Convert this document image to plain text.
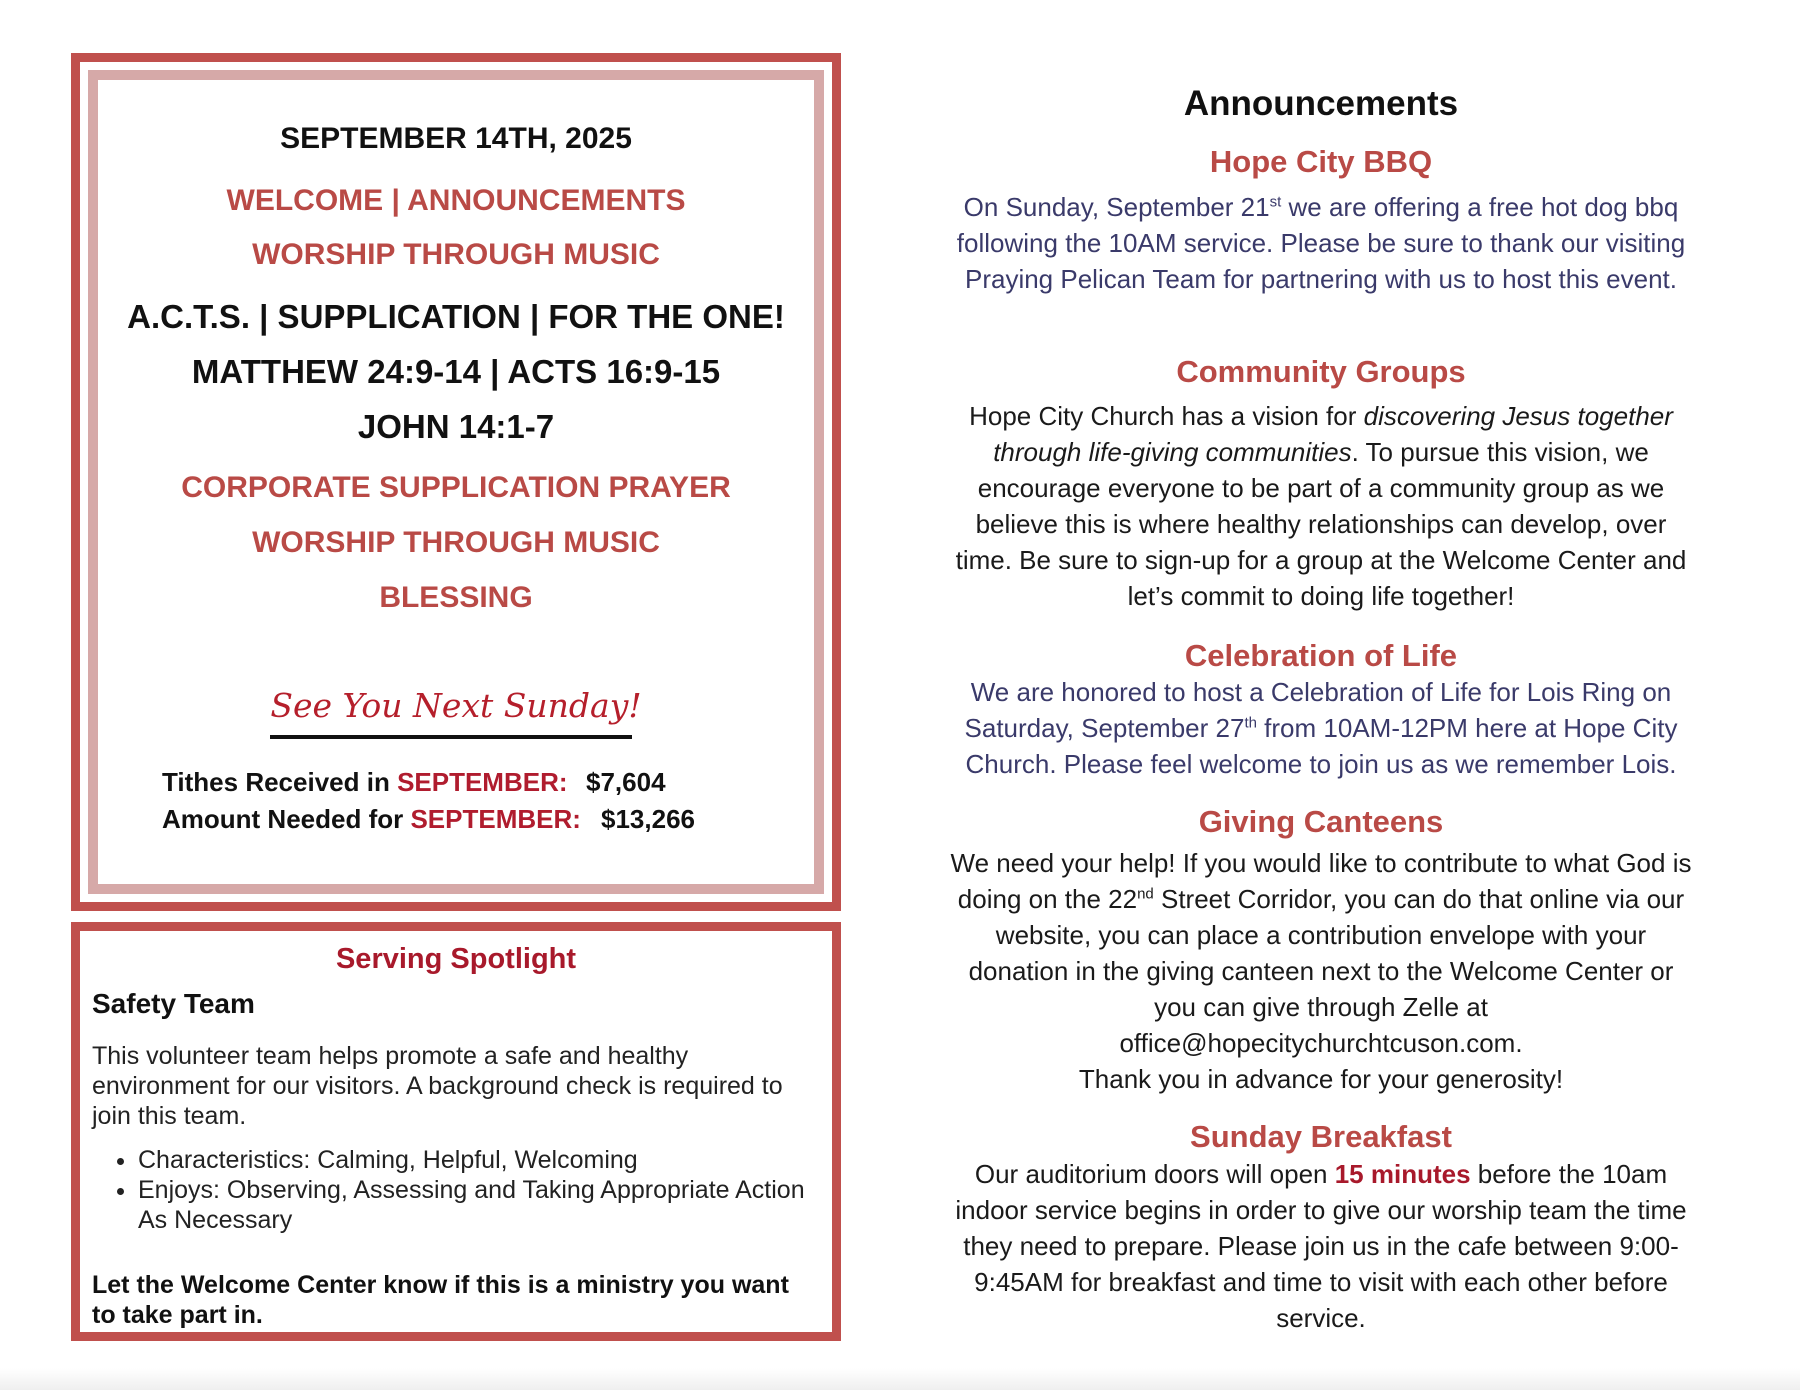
SEPTEMBER 14TH, 2025
WELCOME | ANNOUNCEMENTS
WORSHIP THROUGH MUSIC
A.C.T.S. | SUPPLICATION | FOR THE ONE!
MATTHEW 24:9-14 | ACTS 16:9-15
JOHN 14:1-7
CORPORATE SUPPLICATION PRAYER
WORSHIP THROUGH MUSIC
BLESSING
See You Next Sunday!
Tithes Received in SEPTEMBER: $7,604
Amount Needed for SEPTEMBER: $13,266
Serving Spotlight
Safety Team
This volunteer team helps promote a safe and healthy environment for our visitors. A background check is required to join this team.
• Characteristics: Calming, Helpful, Welcoming
• Enjoys: Observing, Assessing and Taking Appropriate Action As Necessary
Let the Welcome Center know if this is a ministry you want to take part in.
Announcements
Hope City BBQ
On Sunday, September 21st we are offering a free hot dog bbq following the 10AM service. Please be sure to thank our visiting Praying Pelican Team for partnering with us to host this event.
Community Groups
Hope City Church has a vision for discovering Jesus together through life-giving communities. To pursue this vision, we encourage everyone to be part of a community group as we believe this is where healthy relationships can develop, over time. Be sure to sign-up for a group at the Welcome Center and let’s commit to doing life together!
Celebration of Life
We are honored to host a Celebration of Life for Lois Ring on Saturday, September 27th from 10AM-12PM here at Hope City Church. Please feel welcome to join us as we remember Lois.
Giving Canteens
We need your help! If you would like to contribute to what God is doing on the 22nd Street Corridor, you can do that online via our website, you can place a contribution envelope with your donation in the giving canteen next to the Welcome Center or you can give through Zelle at
office@hopecitychurchtcuson.com.
Thank you in advance for your generosity!
Sunday Breakfast
Our auditorium doors will open 15 minutes before the 10am indoor service begins in order to give our worship team the time they need to prepare. Please join us in the cafe between 9:00-9:45AM for breakfast and time to visit with each other before service.
